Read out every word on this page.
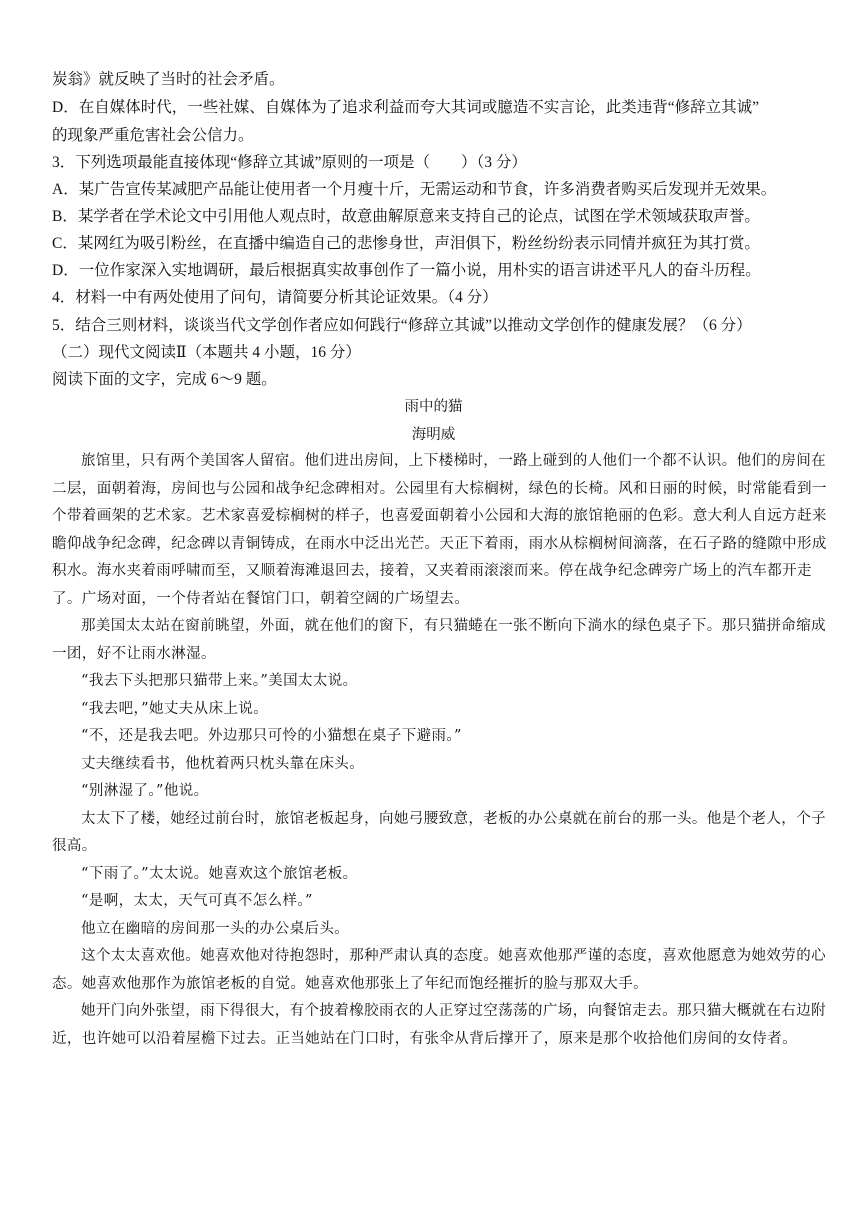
炭翁》就反映了当时的社会矛盾。

D．在自媒体时代，一些社媒、自媒体为了追求利益而夸大其词或臆造不实言论，此类违背“修辞立其诚”

的现象严重危害社会公信力。

3．下列选项最能直接体现“修辞立其诚”原则的一项是（　　）（3 分）

A．某广告宣传某减肥产品能让使用者一个月瘦十斤，无需运动和节食，许多消费者购买后发现并无效果。

B．某学者在学术论文中引用他人观点时，故意曲解原意来支持自己的论点，试图在学术领域获取声誉。

C．某网红为吸引粉丝，在直播中编造自己的悲惨身世，声泪俱下，粉丝纷纷表示同情并疯狂为其打赏。

D．一位作家深入实地调研，最后根据真实故事创作了一篇小说，用朴实的语言讲述平凡人的奋斗历程。

4．材料一中有两处使用了问句，请简要分析其论证效果。（4 分）

5．结合三则材料，谈谈当代文学创作者应如何践行“修辞立其诚”以推动文学创作的健康发展？（6 分）

（二）现代文阅读Ⅱ（本题共 4 小题，16 分）

阅读下面的文字，完成 6～9 题。

雨中的猫

海明威

旅馆里，只有两个美国客人留宿。他们进出房间，上下楼梯时，一路上碰到的人他们一个都不认识。他们的房间在二层，面朝着海，房间也与公园和战争纪念碑相对。公园里有大棕榈树，绿色的长椅。风和日丽的时候，时常能看到一个带着画架的艺术家。艺术家喜爱棕榈树的样子，也喜爱面朝着小公园和大海的旅馆艳丽的色彩。意大利人自远方赶来瞻仰战争纪念碑，纪念碑以青铜铸成，在雨水中泛出光芒。天正下着雨，雨水从棕榈树间滴落，在石子路的缝隙中形成积水。海水夹着雨呼啸而至，又顺着海滩退回去，接着，又夹着雨滚滚而来。停在战争纪念碑旁广场上的汽车都开走了。广场对面，一个侍者站在餐馆门口，朝着空阔的广场望去。

那美国太太站在窗前眺望，外面，就在他们的窗下，有只猫蜷在一张不断向下淌水的绿色桌子下。那只猫拼命缩成一团，好不让雨水淋湿。

“我去下头把那只猫带上来。”美国太太说。

“我去吧，”她丈夫从床上说。

“不，还是我去吧。外边那只可怜的小猫想在桌子下避雨。”

丈夫继续看书，他枕着两只枕头靠在床头。

“别淋湿了。”他说。

太太下了楼，她经过前台时，旅馆老板起身，向她弓腰致意，老板的办公桌就在前台的那一头。他是个老人，个子很高。

“下雨了。”太太说。她喜欢这个旅馆老板。

“是啊，太太，天气可真不怎么样。”

他立在幽暗的房间那一头的办公桌后头。

这个太太喜欢他。她喜欢他对待抱怨时，那种严肃认真的态度。她喜欢他那严谨的态度，喜欢他愿意为她效劳的心态。她喜欢他那作为旅馆老板的自觉。她喜欢他那张上了年纪而饱经摧折的脸与那双大手。

她开门向外张望，雨下得很大，有个披着橡胶雨衣的人正穿过空荡荡的广场，向餐馆走去。那只猫大概就在右边附近，也许她可以沿着屋檐下过去。正当她站在门口时，有张伞从背后撑开了，原来是那个收拾他们房间的女侍者。
